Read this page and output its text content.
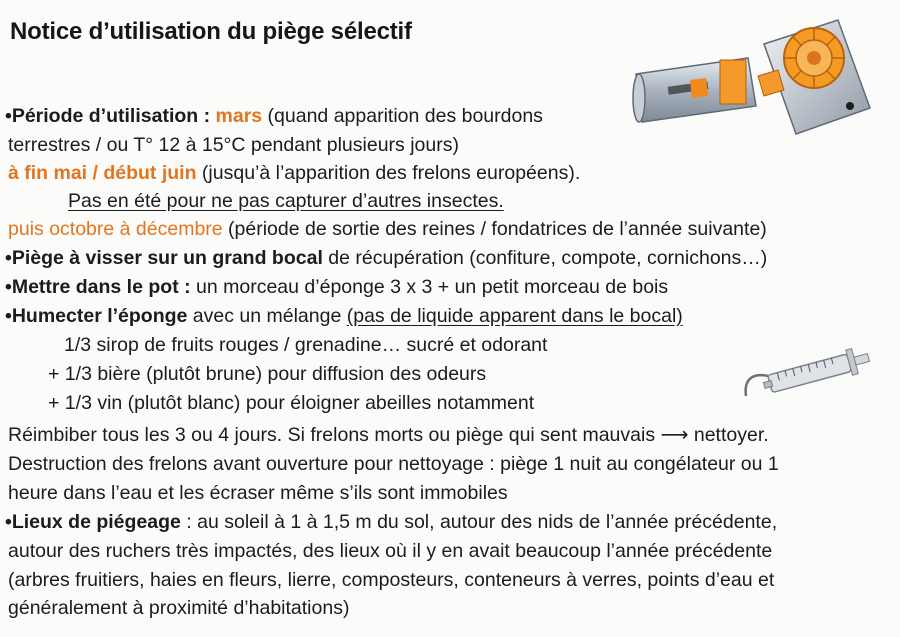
Notice d’utilisation du piège sélectif
•Période d’utilisation : mars (quand apparition des bourdons
terrestres / ou T° 12 à 15°C pendant plusieurs jours)
à fin mai / début juin (jusqu’à l’apparition des frelons européens).
Pas en été pour ne pas capturer d’autres insectes.
puis octobre à décembre (période de sortie des reines / fondatrices de l’année suivante)
•Piège à visser sur un grand bocal de récupération (confiture, compote, cornichons…)
•Mettre dans le pot : un morceau d’éponge 3 x 3 + un petit morceau de bois
•Humecter l’éponge avec un mélange (pas de liquide apparent dans le bocal)
1/3 sirop de fruits rouges / grenadine… sucré et odorant
+ 1/3 bière (plutôt brune) pour diffusion des odeurs
+ 1/3 vin (plutôt blanc) pour éloigner abeilles notamment
Réimbiber tous les 3 ou 4 jours. Si frelons morts ou piège qui sent mauvais ⟶ nettoyer.
Destruction des frelons avant ouverture pour nettoyage : piège 1 nuit au congélateur ou 1
heure dans l’eau et les écraser même s’ils sont immobiles
•Lieux de piégeage : au soleil à 1 à 1,5 m du sol, autour des nids de l’année précédente,
autour des ruchers très impactés, des lieux où il y en avait beaucoup l’année précédente
(arbres fruitiers, haies en fleurs, lierre, composteurs, conteneurs à verres, points d’eau et
généralement à proximité d’habitations)
